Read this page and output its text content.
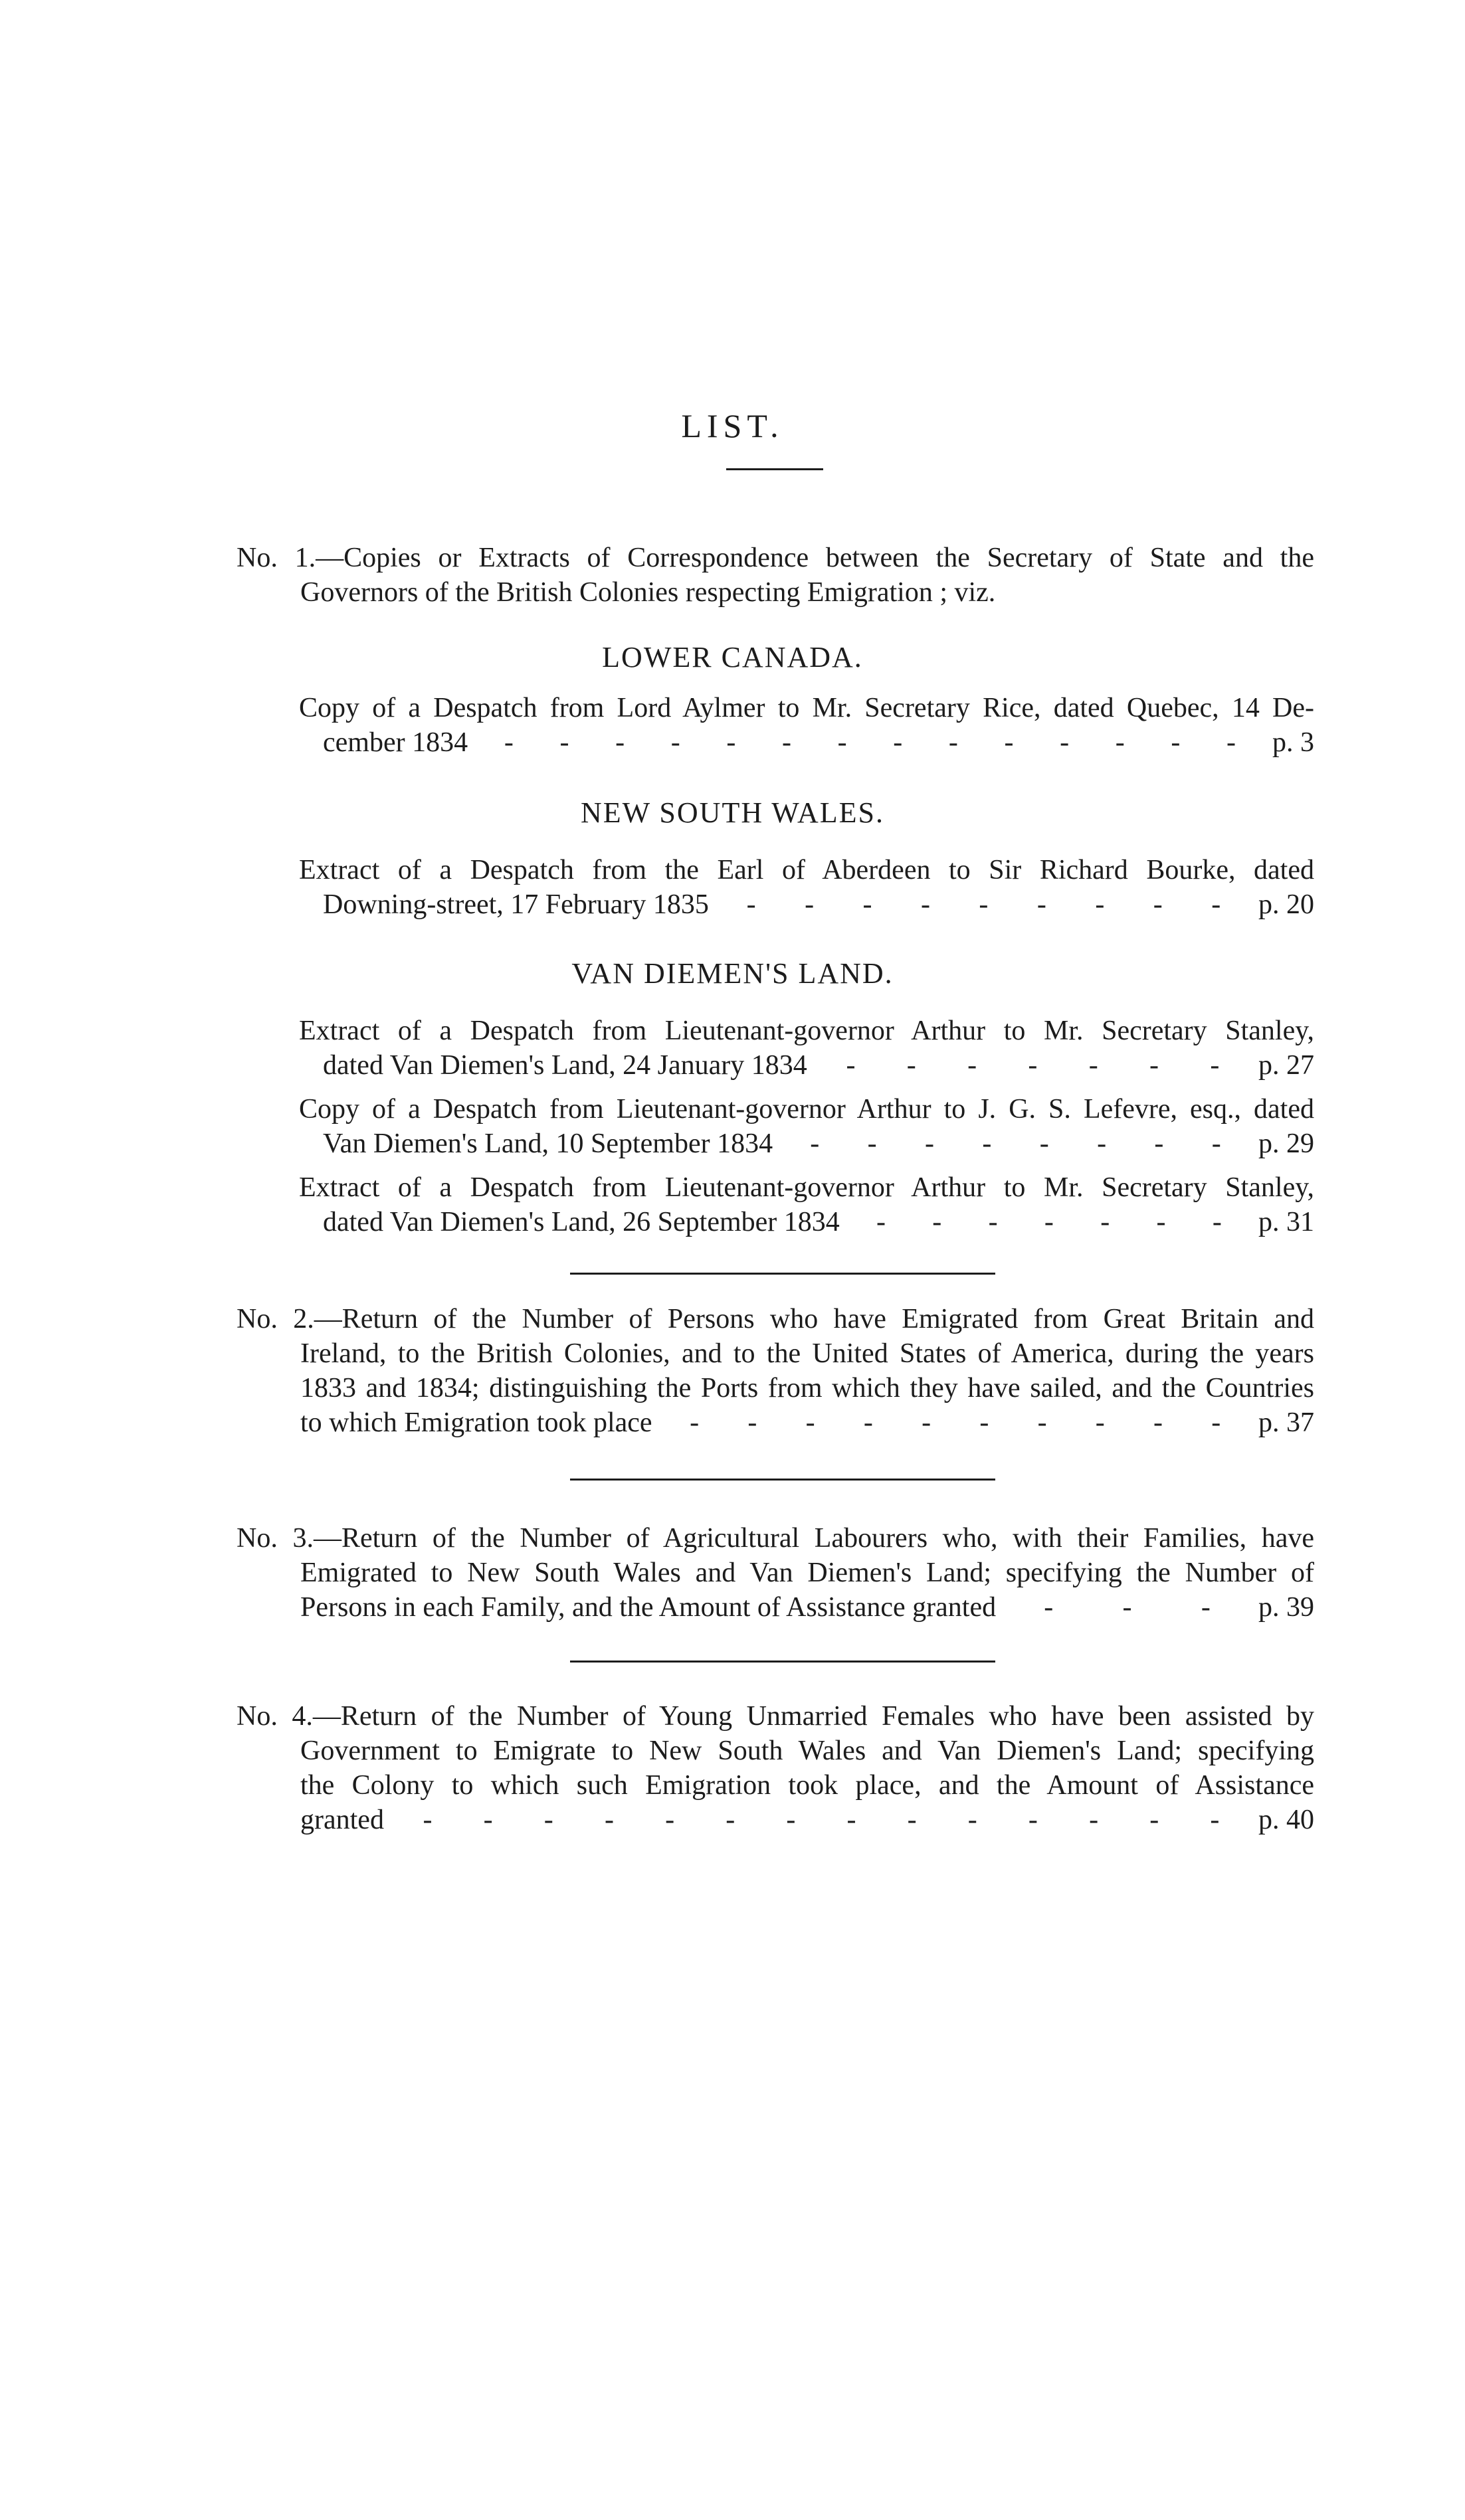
LIST.
No. 1.—Copies or Extracts of Correspondence between the Secretary of State and the
Governors of the British Colonies respecting Emigration ; viz.
LOWER CANADA.
Copy of a Despatch from Lord Aylmer to Mr. Secretary Rice, dated Quebec, 14 De-
cember 1834 - - - - - - - - - - - - - - p. 3
NEW SOUTH WALES.
Extract of a Despatch from the Earl of Aberdeen to Sir Richard Bourke, dated
Downing-street, 17 February 1835 - - - - - - - - - p. 20
VAN DIEMEN'S LAND.
Extract of a Despatch from Lieutenant-governor Arthur to Mr. Secretary Stanley,
dated Van Diemen's Land, 24 January 1834 - - - - - - - p. 27
Copy of a Despatch from Lieutenant-governor Arthur to J. G. S. Lefevre, esq., dated
Van Diemen's Land, 10 September 1834 - - - - - - - - p. 29
Extract of a Despatch from Lieutenant-governor Arthur to Mr. Secretary Stanley,
dated Van Diemen's Land, 26 September 1834 - - - - - - - p. 31
No. 2.—Return of the Number of Persons who have Emigrated from Great Britain and
Ireland, to the British Colonies, and to the United States of America, during the years
1833 and 1834; distinguishing the Ports from which they have sailed, and the Countries
to which Emigration took place - - - - - - - - - - p. 37
No. 3.—Return of the Number of Agricultural Labourers who, with their Families, have
Emigrated to New South Wales and Van Diemen's Land; specifying the Number of
Persons in each Family, and the Amount of Assistance granted - - - p. 39
No. 4.—Return of the Number of Young Unmarried Females who have been assisted by
Government to Emigrate to New South Wales and Van Diemen's Land; specifying
the Colony to which such Emigration took place, and the Amount of Assistance
granted - - - - - - - - - - - - - - p. 40
